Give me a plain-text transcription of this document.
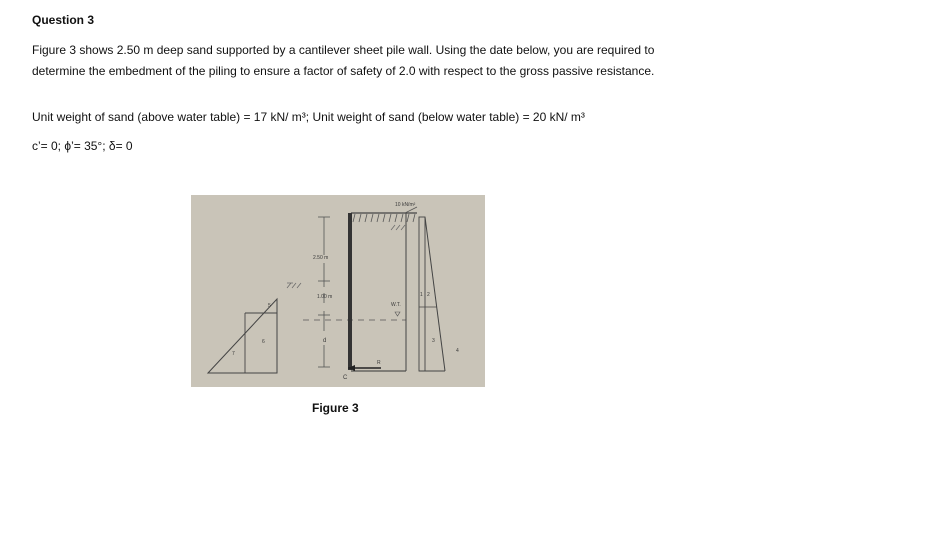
Question 3

Figure 3 shows 2.50 m deep sand supported by a cantilever sheet pile wall. Using the date below, you are required to determine the embedment of the piling to ensure a factor of safety of 2.0 with respect to the gross passive resistance.

Unit weight of sand (above water table) = 17 kN/ m³; Unit weight of sand (below water table) = 20 kN/ m³

c’= 0; ϕ’= 35°; δ= 0

10 kN/m²
2.50 m
1.00 m
d
W.T.
R
C
5
6
7
1 2
3
4

Figure 3
